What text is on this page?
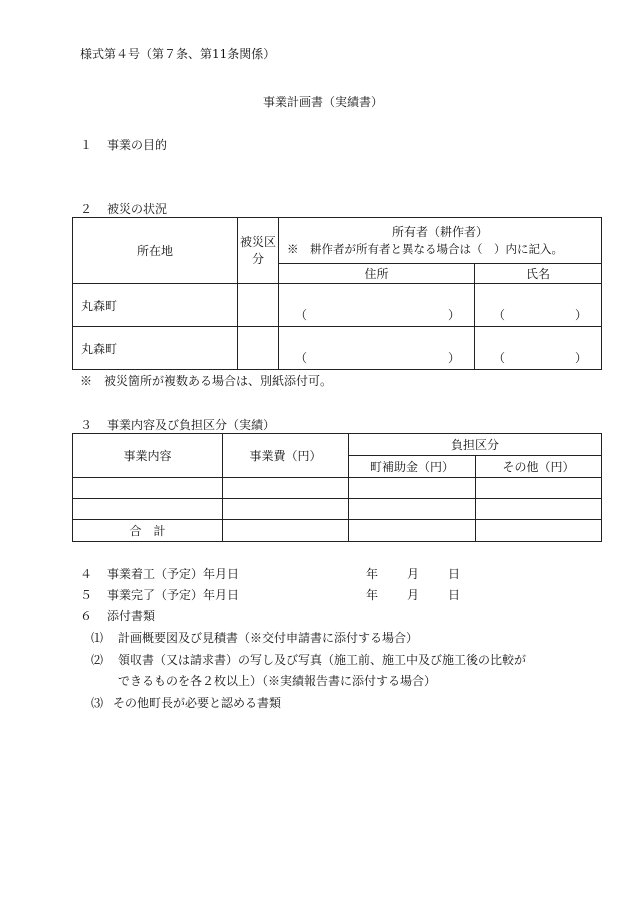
様式第４号（第７条、第11条関係）
事業計画書（実績書）
１ 事業の目的
２ 被災の状況
所在地	被災区分	所有者（耕作者）
※　耕作者が所有者と異なる場合は（　）内に記入。	

		住所	氏名
丸森町		（ ）	（ ）

丸森町		（ ）	（ ）
※　被災箇所が複数ある場合は、別紙添付可。
３ 事業内容及び負担区分（実績）
事業内容	事業費（円）	負担区分	
		町補助金（円）	その他（円）

合　計			
４ 事業着工（予定）年月日	年 月 日
５ 事業完了（予定）年月日	年 月 日
６ 添付書類
⑴ 計画概要図及び見積書（※交付申請書に添付する場合）
⑵ 領収書（又は請求書）の写し及び写真（施工前、施工中及び施工後の比較が
できるものを各２枚以上）（※実績報告書に添付する場合）
⑶ その他町長が必要と認める書類
